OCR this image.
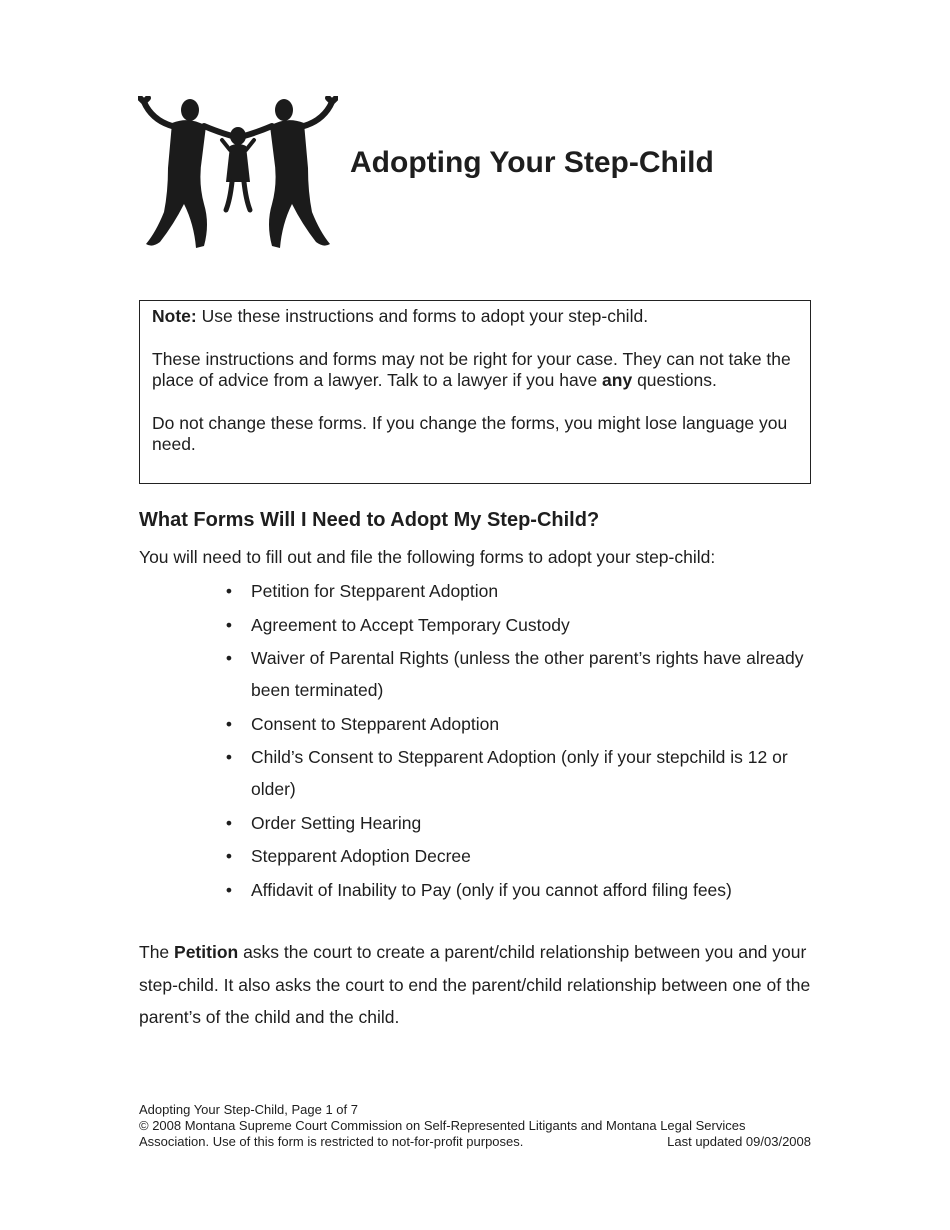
Adopting Your Step-Child

Note: Use these instructions and forms to adopt your step-child.

These instructions and forms may not be right for your case. They can not take the place of advice from a lawyer. Talk to a lawyer if you have any questions.

Do not change these forms. If you change the forms, you might lose language you need.

What Forms Will I Need to Adopt My Step-Child?

You will need to fill out and file the following forms to adopt your step-child:

• Petition for Stepparent Adoption
• Agreement to Accept Temporary Custody
• Waiver of Parental Rights (unless the other parent’s rights have already been terminated)
• Consent to Stepparent Adoption
• Child’s Consent to Stepparent Adoption (only if your stepchild is 12 or older)
• Order Setting Hearing
• Stepparent Adoption Decree
• Affidavit of Inability to Pay (only if you cannot afford filing fees)

The Petition asks the court to create a parent/child relationship between you and your step-child. It also asks the court to end the parent/child relationship between one of the parent’s of the child and the child.

Adopting Your Step-Child, Page 1 of 7
© 2008 Montana Supreme Court Commission on Self-Represented Litigants and Montana Legal Services
Association. Use of this form is restricted to not-for-profit purposes.	Last updated 09/03/2008
